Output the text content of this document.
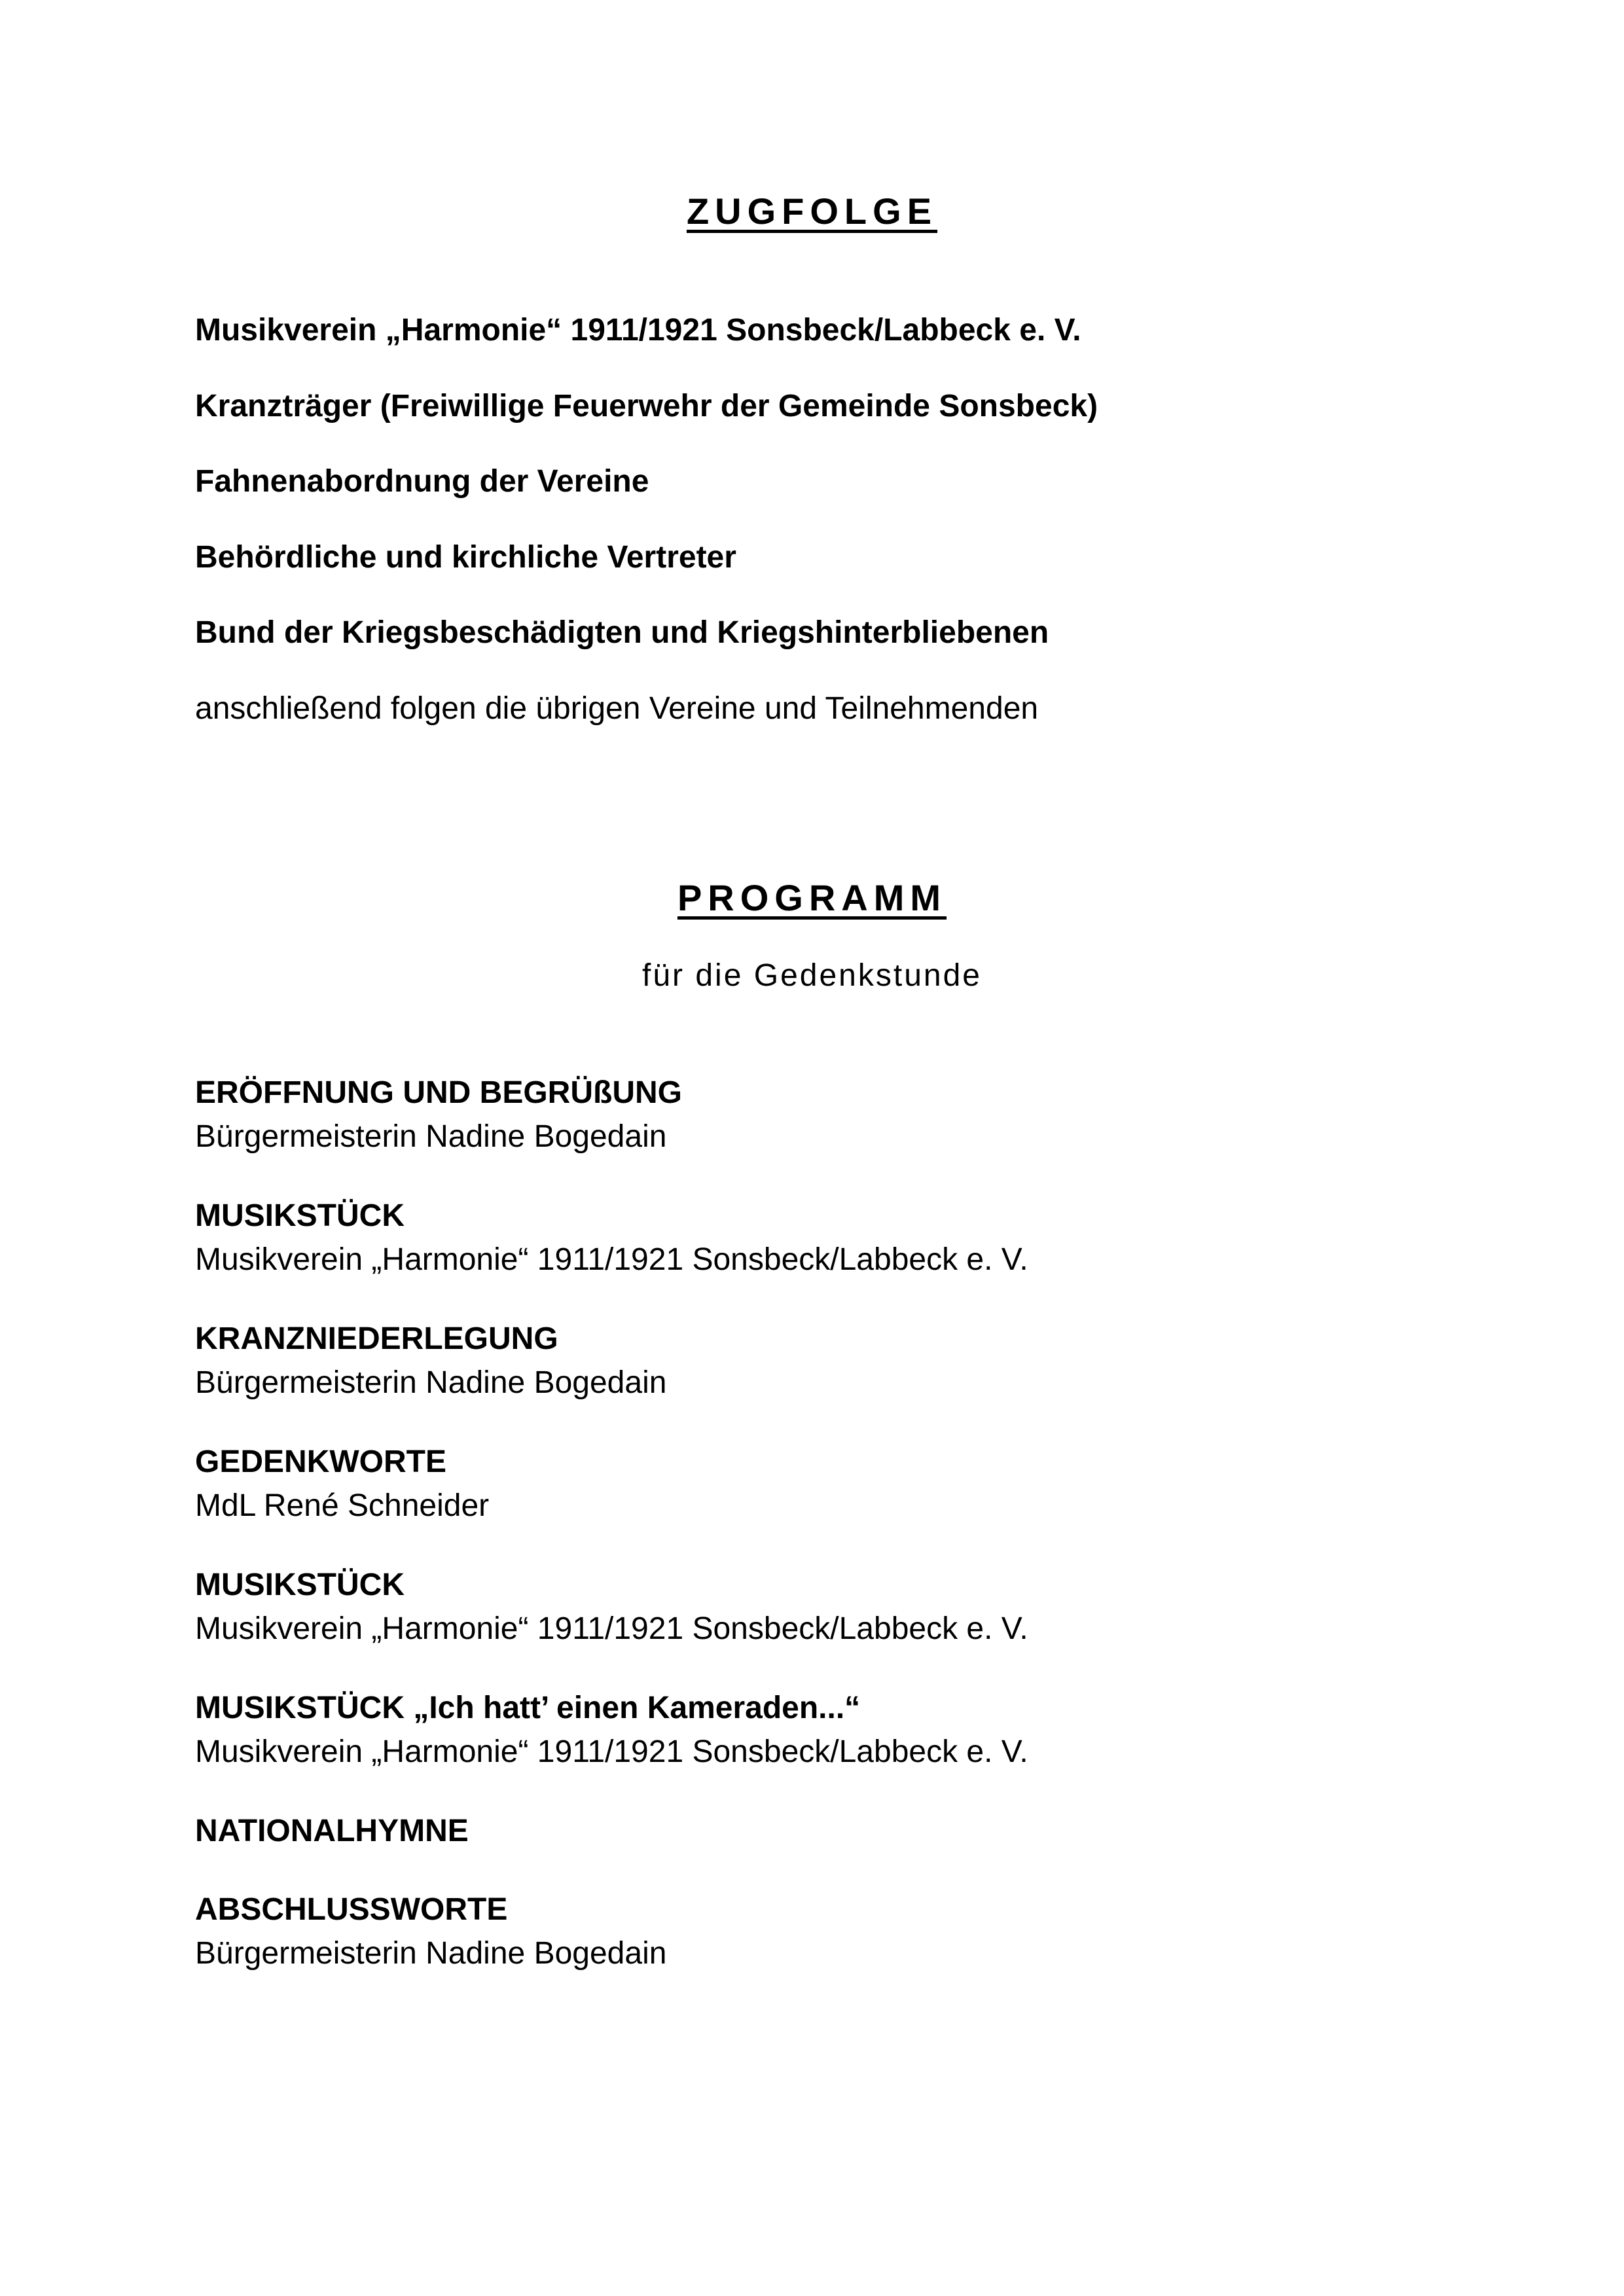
ZUGFOLGE
Musikverein „Harmonie“ 1911/1921 Sonsbeck/Labbeck e. V.
Kranzträger (Freiwillige Feuerwehr der Gemeinde Sonsbeck)
Fahnenabordnung der Vereine
Behördliche und kirchliche Vertreter
Bund der Kriegsbeschädigten und Kriegshinterbliebenen
anschließend folgen die übrigen Vereine und Teilnehmenden
PROGRAMM
für die Gedenkstunde
ERÖFFNUNG UND BEGRÜßUNG
Bürgermeisterin Nadine Bogedain
MUSIKSTÜCK
Musikverein „Harmonie“ 1911/1921 Sonsbeck/Labbeck e. V.
KRANZNIEDERLEGUNG
Bürgermeisterin Nadine Bogedain
GEDENKWORTE
MdL René Schneider
MUSIKSTÜCK
Musikverein „Harmonie“ 1911/1921 Sonsbeck/Labbeck e. V.
MUSIKSTÜCK „Ich hatt’ einen Kameraden...“
Musikverein „Harmonie“ 1911/1921 Sonsbeck/Labbeck e. V.
NATIONALHYMNE
ABSCHLUSSWORTE
Bürgermeisterin Nadine Bogedain
